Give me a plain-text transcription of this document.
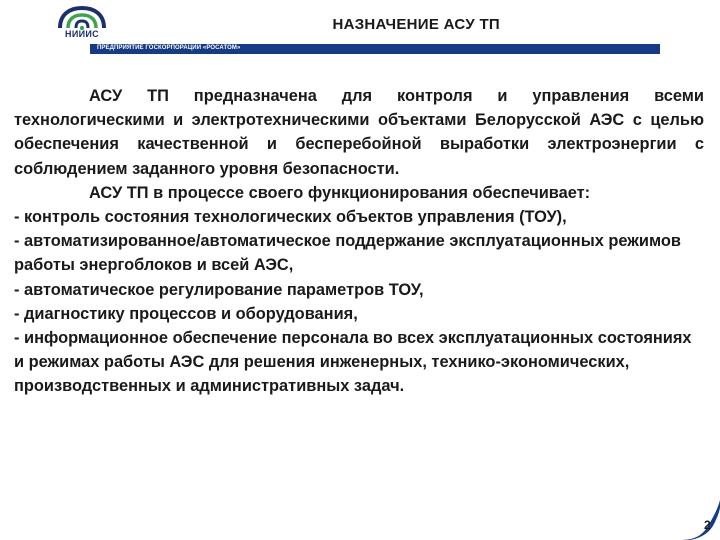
НИИИС
НАЗНАЧЕНИЕ АСУ ТП
ПРЕДПРИЯТИЕ ГОСКОРПОРАЦИИ «РОСАТОМ»

АСУ ТП предназначена для контроля и управления всеми технологическими и электротехническими объектами Белорусской АЭС с целью обеспечения качественной и бесперебойной выработки электроэнергии с соблюдением заданного уровня безопасности.

АСУ ТП в процессе своего функционирования обеспечивает:

- контроль состояния технологических объектов управления (ТОУ),

- автоматизированное/автоматическое поддержание эксплуатационных режимов работы энергоблоков и всей АЭС,

- автоматическое регулирование параметров ТОУ,

- диагностику процессов и оборудования,

- информационное обеспечение персонала во всех эксплуатационных состояниях и режимах работы АЭС для решения инженерных, технико-экономических, производственных и административных задач.

2
